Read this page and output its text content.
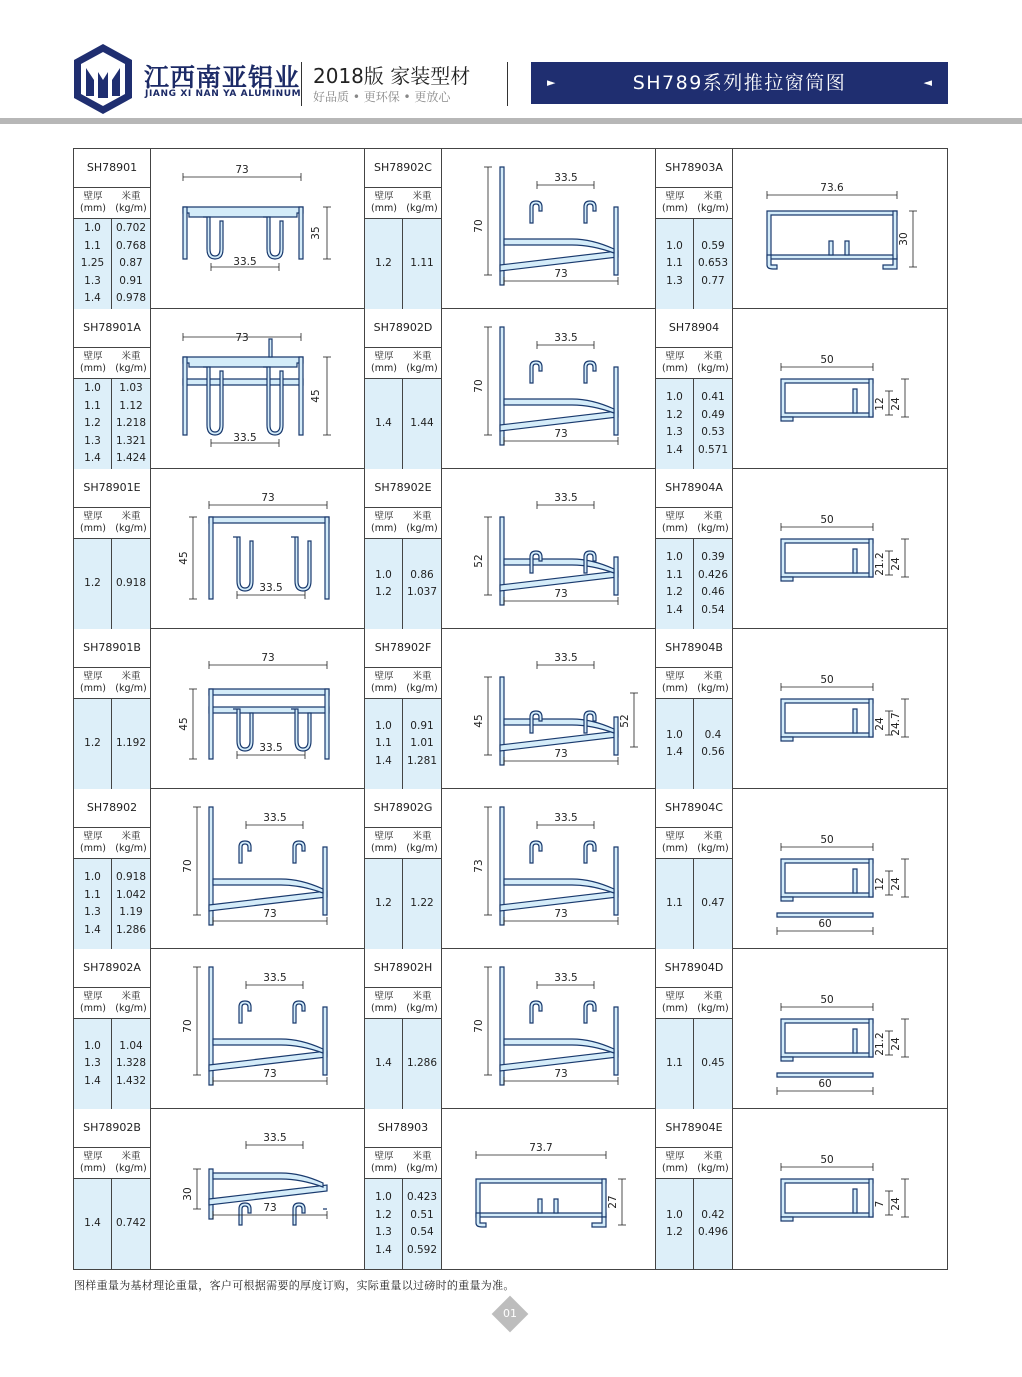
江西南亚铝业
JIANG XI NAN YA ALUMINUM
2018版 家装型材
好品质 • 更环保 • 更放心
►	SH789系列推拉窗筒图	◄
SH78901
壁厚
(mm)
米重
(kg/m)
1.0	0.702
1.1	0.768
1.25	0.87
1.3	0.91
1.4	0.978
73
33.5
35
SH78902C
壁厚
(mm)
米重
(kg/m)
1.2	1.11
33.5
73
70
SH78903A
壁厚
(mm)
米重
(kg/m)
1.0	0.59
1.1	0.653
1.3	0.77
73.6
30
SH78901A
壁厚
(mm)
米重
(kg/m)
1.0	1.03
1.1	1.12
1.2	1.218
1.3	1.321
1.4	1.424
73
33.5
45
SH78902D
壁厚
(mm)
米重
(kg/m)
1.4	1.44
33.5
73
70
SH78904
壁厚
(mm)
米重
(kg/m)
1.0	0.41
1.2	0.49
1.3	0.53
1.4	0.571
50
12 24
SH78901E
壁厚
(mm)
米重
(kg/m)
1.2	0.918
73
33.5
45
SH78902E
壁厚
(mm)
米重
(kg/m)
1.0	0.86
1.2	1.037
33.5
73
52
SH78904A
壁厚
(mm)
米重
(kg/m)
1.0	0.39
1.1	0.426
1.2	0.46
1.4	0.54
50
21.2 24
SH78901B
壁厚
(mm)
米重
(kg/m)
1.2	1.192
73
33.5
45
SH78902F
壁厚
(mm)
米重
(kg/m)
1.0	0.91
1.1	1.01
1.4	1.281
33.5
73
45	52
SH78904B
壁厚
(mm)
米重
(kg/m)
1.0	0.4
1.4	0.56
50
24 24.7
SH78902
壁厚
(mm)
米重
(kg/m)
1.0	0.918
1.1	1.042
1.3	1.19
1.4	1.286
33.5
73
70
SH78902G
壁厚
(mm)
米重
(kg/m)
1.2	1.22
33.5
73
73
SH78904C
壁厚
(mm)
米重
(kg/m)
1.1	0.47
50
60
12 24
SH78902A
壁厚
(mm)
米重
(kg/m)
1.0	1.04
1.3	1.328
1.4	1.432
33.5
73
70
SH78902H
壁厚
(mm)
米重
(kg/m)
1.4	1.286
33.5
73
70
SH78904D
壁厚
(mm)
米重
(kg/m)
1.1	0.45
50
60
21.2 24
SH78902B
壁厚
(mm)
米重
(kg/m)
1.4	0.742
33.5
73
30
SH78903
壁厚
(mm)
米重
(kg/m)
1.0	0.423
1.2	0.51
1.3	0.54
1.4	0.592
73.7
27
SH78904E
壁厚
(mm)
米重
(kg/m)
1.0	0.42
1.2	0.496
50
7 24
图样重量为基材理论重量，客户可根据需要的厚度订购，实际重量以过磅时的重量为准。
01
